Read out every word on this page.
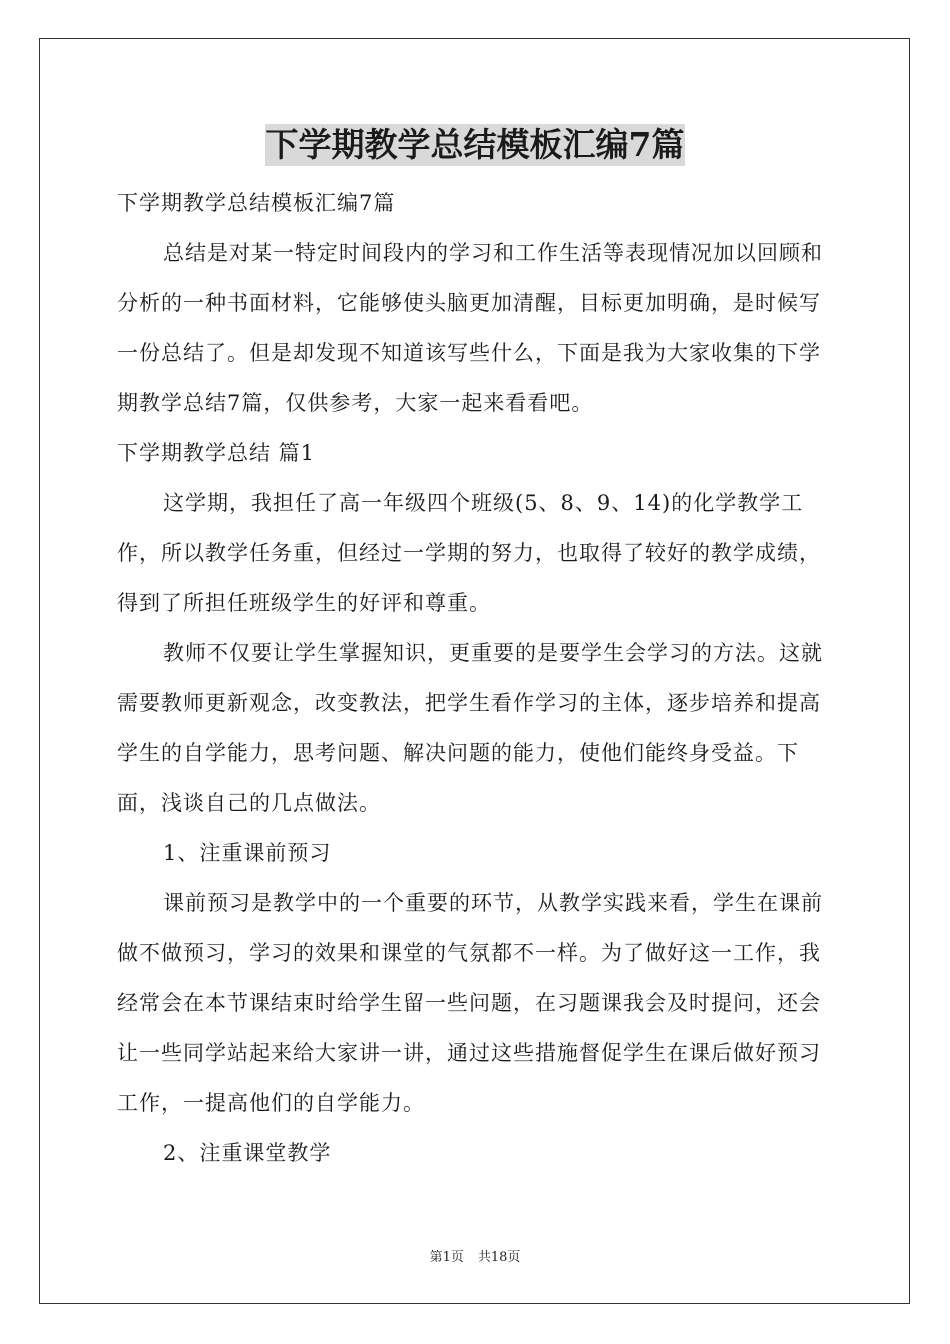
下学期教学总结模板汇编7篇

下学期教学总结模板汇编7篇

总结是对某一特定时间段内的学习和工作生活等表现情况加以回顾和分析的一种书面材料，它能够使头脑更加清醒，目标更加明确，是时候写一份总结了。但是却发现不知道该写些什么，下面是我为大家收集的下学期教学总结7篇，仅供参考，大家一起来看看吧。

下学期教学总结 篇1

这学期，我担任了高一年级四个班级(5、8、9、14)的化学教学工作，所以教学任务重，但经过一学期的努力，也取得了较好的教学成绩，得到了所担任班级学生的好评和尊重。

教师不仅要让学生掌握知识，更重要的是要学生会学习的方法。这就需要教师更新观念，改变教法，把学生看作学习的主体，逐步培养和提高学生的自学能力，思考问题、解决问题的能力，使他们能终身受益。下面，浅谈自己的几点做法。

1、注重课前预习

课前预习是教学中的一个重要的环节，从教学实践来看，学生在课前做不做预习，学习的效果和课堂的气氛都不一样。为了做好这一工作，我经常会在本节课结束时给学生留一些问题，在习题课我会及时提问，还会让一些同学站起来给大家讲一讲，通过这些措施督促学生在课后做好预习工作，一提高他们的自学能力。

2、注重课堂教学

第1页 共18页
